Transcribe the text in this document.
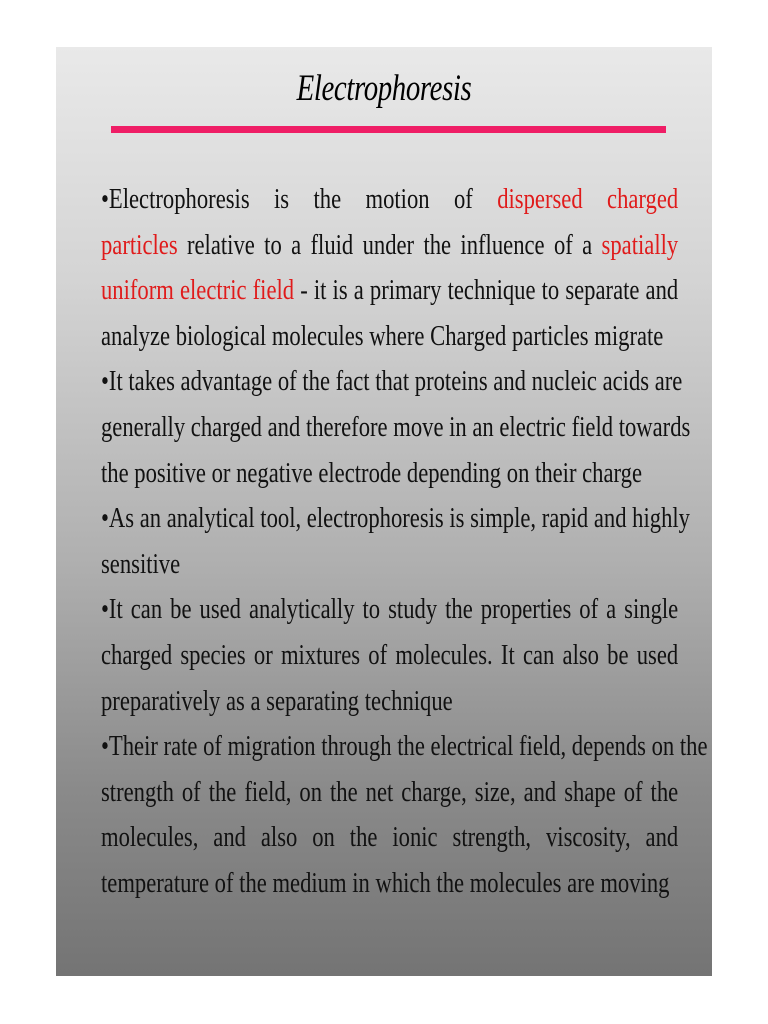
Electrophoresis
•Electrophoresis is the motion of dispersed charged
particles relative to a fluid under the influence of a spatially
uniform electric field - it is a primary technique to separate and
analyze biological molecules where Charged particles migrate
•It takes advantage of the fact that proteins and nucleic acids are
generally charged and therefore move in an electric field towards
the positive or negative electrode depending on their charge
•As an analytical tool, electrophoresis is simple, rapid and highly
sensitive
•It can be used analytically to study the properties of a single
charged species or mixtures of molecules. It can also be used
preparatively as a separating technique
•Their rate of migration through the electrical field, depends on the
strength of the field, on the net charge, size, and shape of the
molecules, and also on the ionic strength, viscosity, and
temperature of the medium in which the molecules are moving
